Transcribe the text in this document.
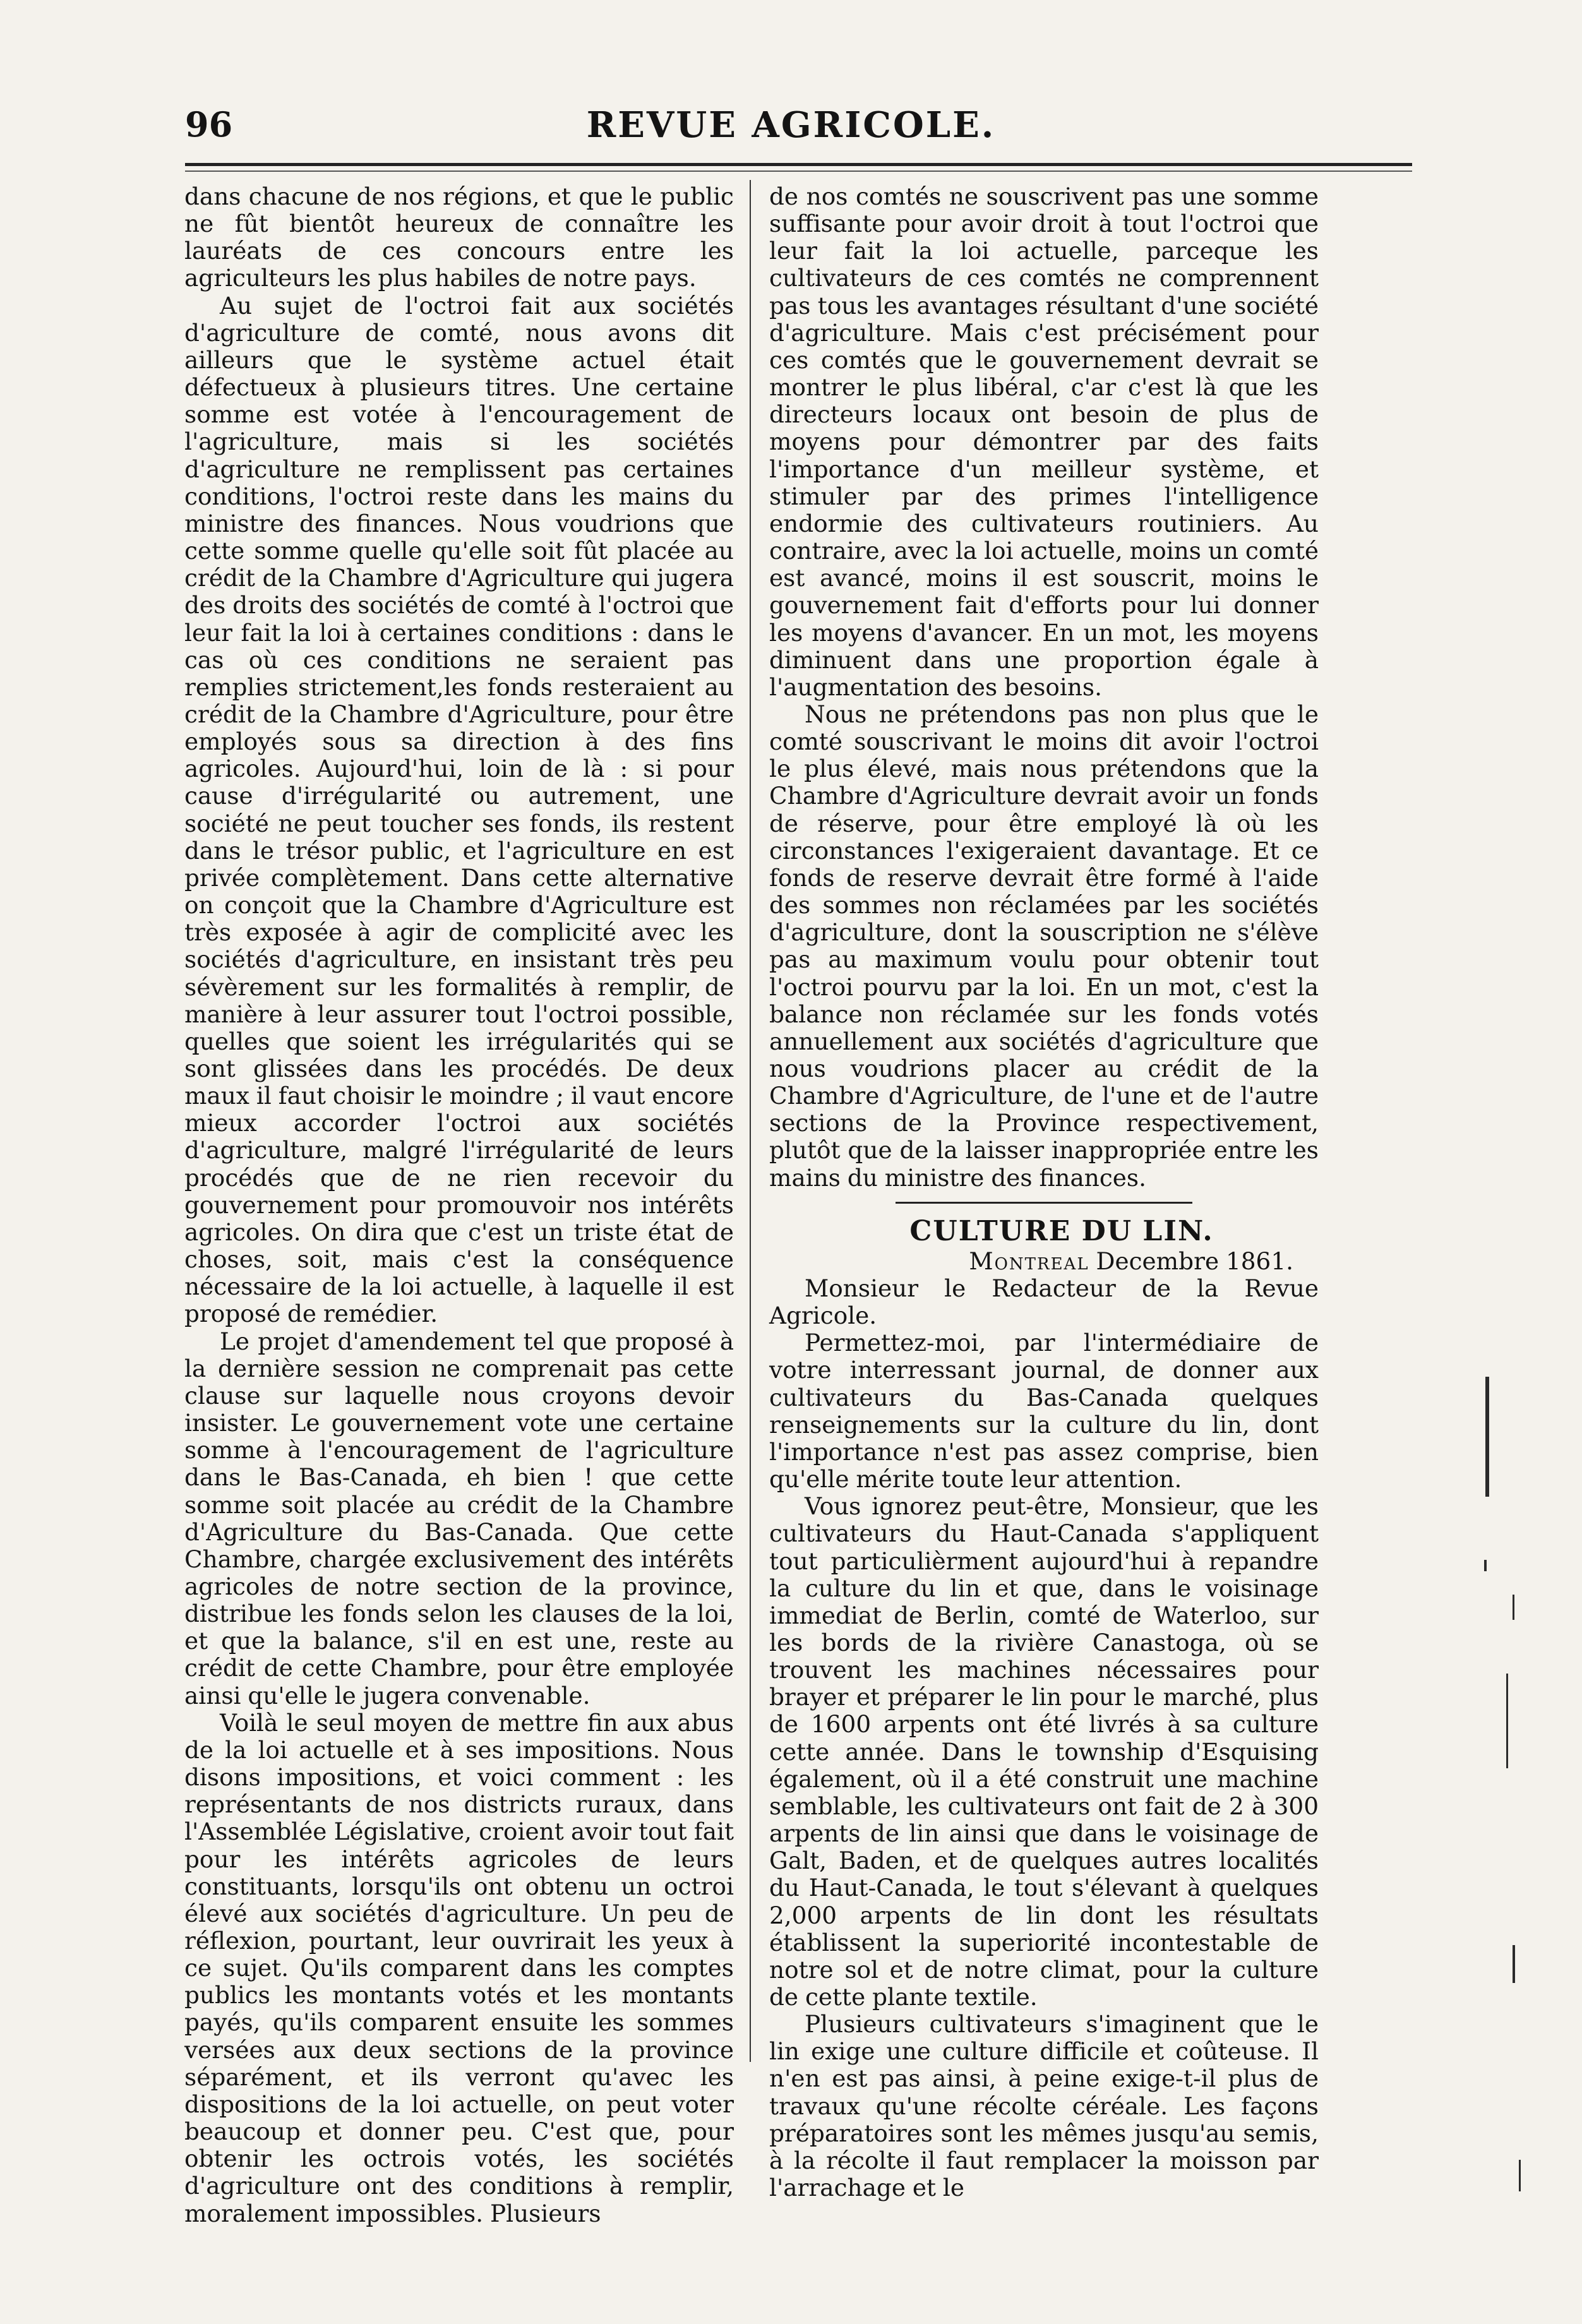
96	REVUE AGRICOLE.

dans chacune de nos régions, et que le public ne fût bientôt heureux de connaître les lauréats de ces concours entre les agriculteurs les plus habiles de notre pays.

Au sujet de l'octroi fait aux sociétés d'agriculture de comté, nous avons dit ailleurs que le système actuel était défectueux à plusieurs titres. Une certaine somme est votée à l'encouragement de l'agriculture, mais si les sociétés d'agriculture ne remplissent pas certaines conditions, l'octroi reste dans les mains du ministre des finances. Nous voudrions que cette somme quelle qu'elle soit fût placée au crédit de la Chambre d'Agriculture qui jugera des droits des sociétés de comté à l'octroi que leur fait la loi à certaines conditions : dans le cas où ces conditions ne seraient pas remplies strictement,les fonds resteraient au crédit de la Chambre d'Agriculture, pour être employés sous sa direction à des fins agricoles. Aujourd'hui, loin de là : si pour cause d'irrégularité ou autrement, une société ne peut toucher ses fonds, ils restent dans le trésor public, et l'agriculture en est privée complètement. Dans cette alternative on conçoit que la Chambre d'Agriculture est très exposée à agir de complicité avec les sociétés d'agriculture, en insistant très peu sévèrement sur les formalités à remplir, de manière à leur assurer tout l'octroi possible, quelles que soient les irrégularités qui se sont glissées dans les procédés. De deux maux il faut choisir le moindre ; il vaut encore mieux accorder l'octroi aux sociétés d'agriculture, malgré l'irrégularité de leurs procédés que de ne rien recevoir du gouvernement pour promouvoir nos intérêts agricoles. On dira que c'est un triste état de choses, soit, mais c'est la conséquence nécessaire de la loi actuelle, à laquelle il est proposé de remédier.

Le projet d'amendement tel que proposé à la dernière session ne comprenait pas cette clause sur laquelle nous croyons devoir insister. Le gouvernement vote une certaine somme à l'encouragement de l'agriculture dans le Bas-Canada, eh bien ! que cette somme soit placée au crédit de la Chambre d'Agriculture du Bas-Canada. Que cette Chambre, chargée exclusivement des intérêts agricoles de notre section de la province, distribue les fonds selon les clauses de la loi, et que la balance, s'il en est une, reste au crédit de cette Chambre, pour être employée ainsi qu'elle le jugera convenable.

Voilà le seul moyen de mettre fin aux abus de la loi actuelle et à ses impositions. Nous disons impositions, et voici comment : les représentants de nos districts ruraux, dans l'Assemblée Législative, croient avoir tout fait pour les intérêts agricoles de leurs constituants, lorsqu'ils ont obtenu un octroi élevé aux sociétés d'agriculture. Un peu de réflexion, pourtant, leur ouvrirait les yeux à ce sujet. Qu'ils comparent dans les comptes publics les montants votés et les montants payés, qu'ils comparent ensuite les sommes versées aux deux sections de la province séparément, et ils verront qu'avec les dispositions de la loi actuelle, on peut voter beaucoup et donner peu. C'est que, pour obtenir les octrois votés, les sociétés d'agriculture ont des conditions à remplir, moralement impossibles. Plusieurs

de nos comtés ne souscrivent pas une somme suffisante pour avoir droit à tout l'octroi que leur fait la loi actuelle, parceque les cultivateurs de ces comtés ne comprennent pas tous les avantages résultant d'une société d'agriculture. Mais c'est précisément pour ces comtés que le gouvernement devrait se montrer le plus libéral, c'ar c'est là que les directeurs locaux ont besoin de plus de moyens pour démontrer par des faits l'importance d'un meilleur système, et stimuler par des primes l'intelligence endormie des cultivateurs routiniers. Au contraire, avec la loi actuelle, moins un comté est avancé, moins il est souscrit, moins le gouvernement fait d'efforts pour lui donner les moyens d'avancer. En un mot, les moyens diminuent dans une proportion égale à l'augmentation des besoins.

Nous ne prétendons pas non plus que le comté souscrivant le moins dit avoir l'octroi le plus élevé, mais nous prétendons que la Chambre d'Agriculture devrait avoir un fonds de réserve, pour être employé là où les circonstances l'exigeraient davantage. Et ce fonds de reserve devrait être formé à l'aide des sommes non réclamées par les sociétés d'agriculture, dont la souscription ne s'élève pas au maximum voulu pour obtenir tout l'octroi pourvu par la loi. En un mot, c'est la balance non réclamée sur les fonds votés annuellement aux sociétés d'agriculture que nous voudrions placer au crédit de la Chambre d'Agriculture, de l'une et de l'autre sections de la Province respectivement, plutôt que de la laisser inappropriée entre les mains du ministre des finances.

CULTURE DU LIN.

Montreal Decembre 1861.

Monsieur le Redacteur de la Revue Agricole.

Permettez-moi, par l'intermédiaire de votre interressant journal, de donner aux cultivateurs du Bas-Canada quelques renseignements sur la culture du lin, dont l'importance n'est pas assez comprise, bien qu'elle mérite toute leur attention.

Vous ignorez peut-être, Monsieur, que les cultivateurs du Haut-Canada s'appliquent tout particulièrment aujourd'hui à repandre la culture du lin et que, dans le voisinage immediat de Berlin, comté de Waterloo, sur les bords de la rivière Canastoga, où se trouvent les machines nécessaires pour brayer et préparer le lin pour le marché, plus de 1600 arpents ont été livrés à sa culture cette année. Dans le township d'Esquising également, où il a été construit une machine semblable, les cultivateurs ont fait de 2 à 300 arpents de lin ainsi que dans le voisinage de Galt, Baden, et de quelques autres localités du Haut-Canada, le tout s'élevant à quelques 2,000 arpents de lin dont les résultats établissent la superiorité incontestable de notre sol et de notre climat, pour la culture de cette plante textile.

Plusieurs cultivateurs s'imaginent que le lin exige une culture difficile et coûteuse. Il n'en est pas ainsi, à peine exige-t-il plus de travaux qu'une récolte céréale. Les façons préparatoires sont les mêmes jusqu'au semis, à la récolte il faut remplacer la moisson par l'arrachage et le
